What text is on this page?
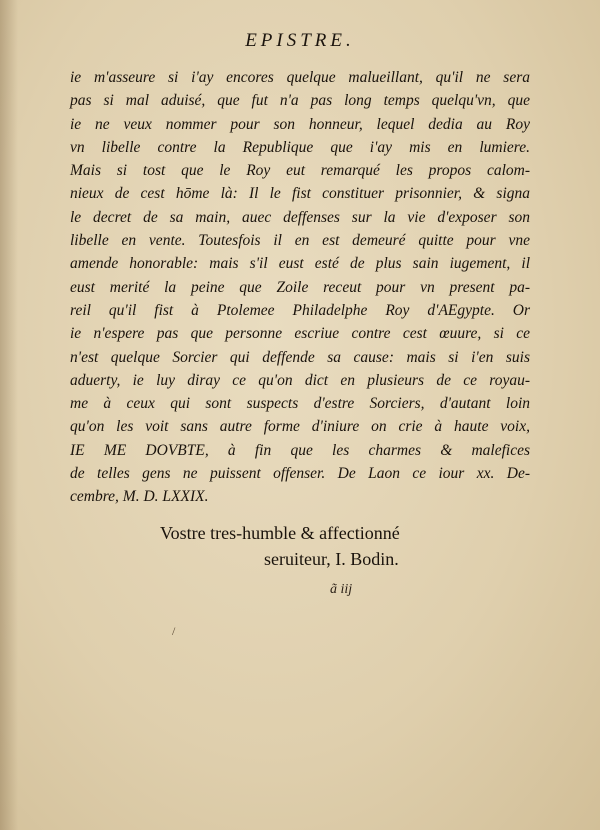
EPISTRE.
ie m'asseure si i'ay encores quelque malueillant, qu'il ne sera
pas si mal aduisé, que fut n'a pas long temps quelqu'vn, que
ie ne veux nommer pour son honneur, lequel dedia au Roy
vn libelle contre la Republique que i'ay mis en lumiere.
Mais si tost que le Roy eut remarqué les propos calom-
nieux de cest hōme là: Il le fist constituer prisonnier, & signa
le decret de sa main, auec deffenses sur la vie d'exposer son
libelle en vente. Toutesfois il en est demeuré quitte pour vne
amende honorable: mais s'il eust esté de plus sain iugement, il
eust merité la peine que Zoile receut pour vn present pa-
reil qu'il fist à Ptolemee Philadelphe Roy d'AEgypte. Or
ie n'espere pas que personne escriue contre cest œuure, si ce
n'est quelque Sorcier qui deffende sa cause: mais si i'en suis
aduerty, ie luy diray ce qu'on dict en plusieurs de ce royau-
me à ceux qui sont suspects d'estre Sorciers, d'autant loin
qu'on les voit sans autre forme d'iniure on crie à haute voix,
IE ME DOVBTE, à fin que les charmes & malefices
de telles gens ne puissent offenser. De Laon ce iour xx. De-
cembre, M. D. LXXIX.
Vostre tres-humble & affectionné
seruiteur, I. Bodin.
ã iij
/
